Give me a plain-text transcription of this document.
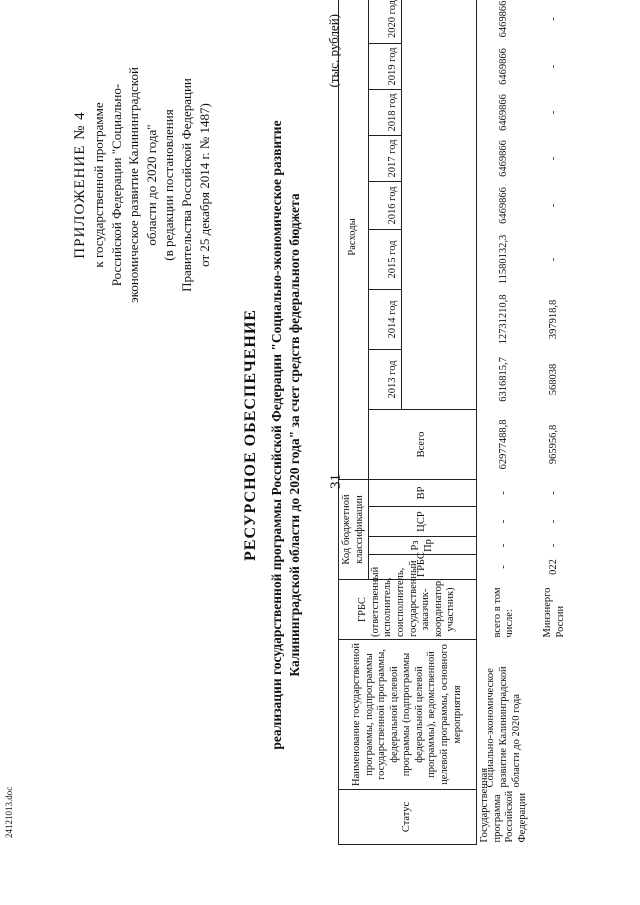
31
ПРИЛОЖЕНИЕ № 4 к государственной программе Российской Федерации "Социально- экономическое развитие Калининградской области до 2020 года" (в редакции постановления Правительства Российской Федерации от 25 декабря 2014 г. № 1487)
РЕСУРСНОЕ ОБЕСПЕЧЕНИЕ реализации государственной программы Российской Федерации "Социально-экономическое развитие Калининградской области до 2020 года" за счет средств федерального бюджета
(тыс. рублей)
Статус	Наименование государственной программы, подпрограммы государственной программы, федеральной целевой программы (подпрограммы федеральной целевой программы), ведомственной целевой программы, основного мероприятия	ГРБС (ответственный исполнитель, соисполнитель, государственный заказчик-координатор, участник)	Код бюджетной классификации				Расходы								
			ГРБС	Рз Пр	ЦСР	ВР	Всего	2013 год	2014 год	2015 год	2016 год	2017 год	2018 год	2019 год	2020 год

Государственная программа Российской Федерации	Социально-экономическое развитие Калининградской области до 2020 года	всего в том числе:	-	-	-	-	62977488,8	6316815,7	12731210,8	11580132,3	6469866	6469866	6469866	6469866	6469866
		Минэнерго России	022	-	-	-	965956,8	568038	397918,8	-	-	-	-	-	-
24121013.doc
